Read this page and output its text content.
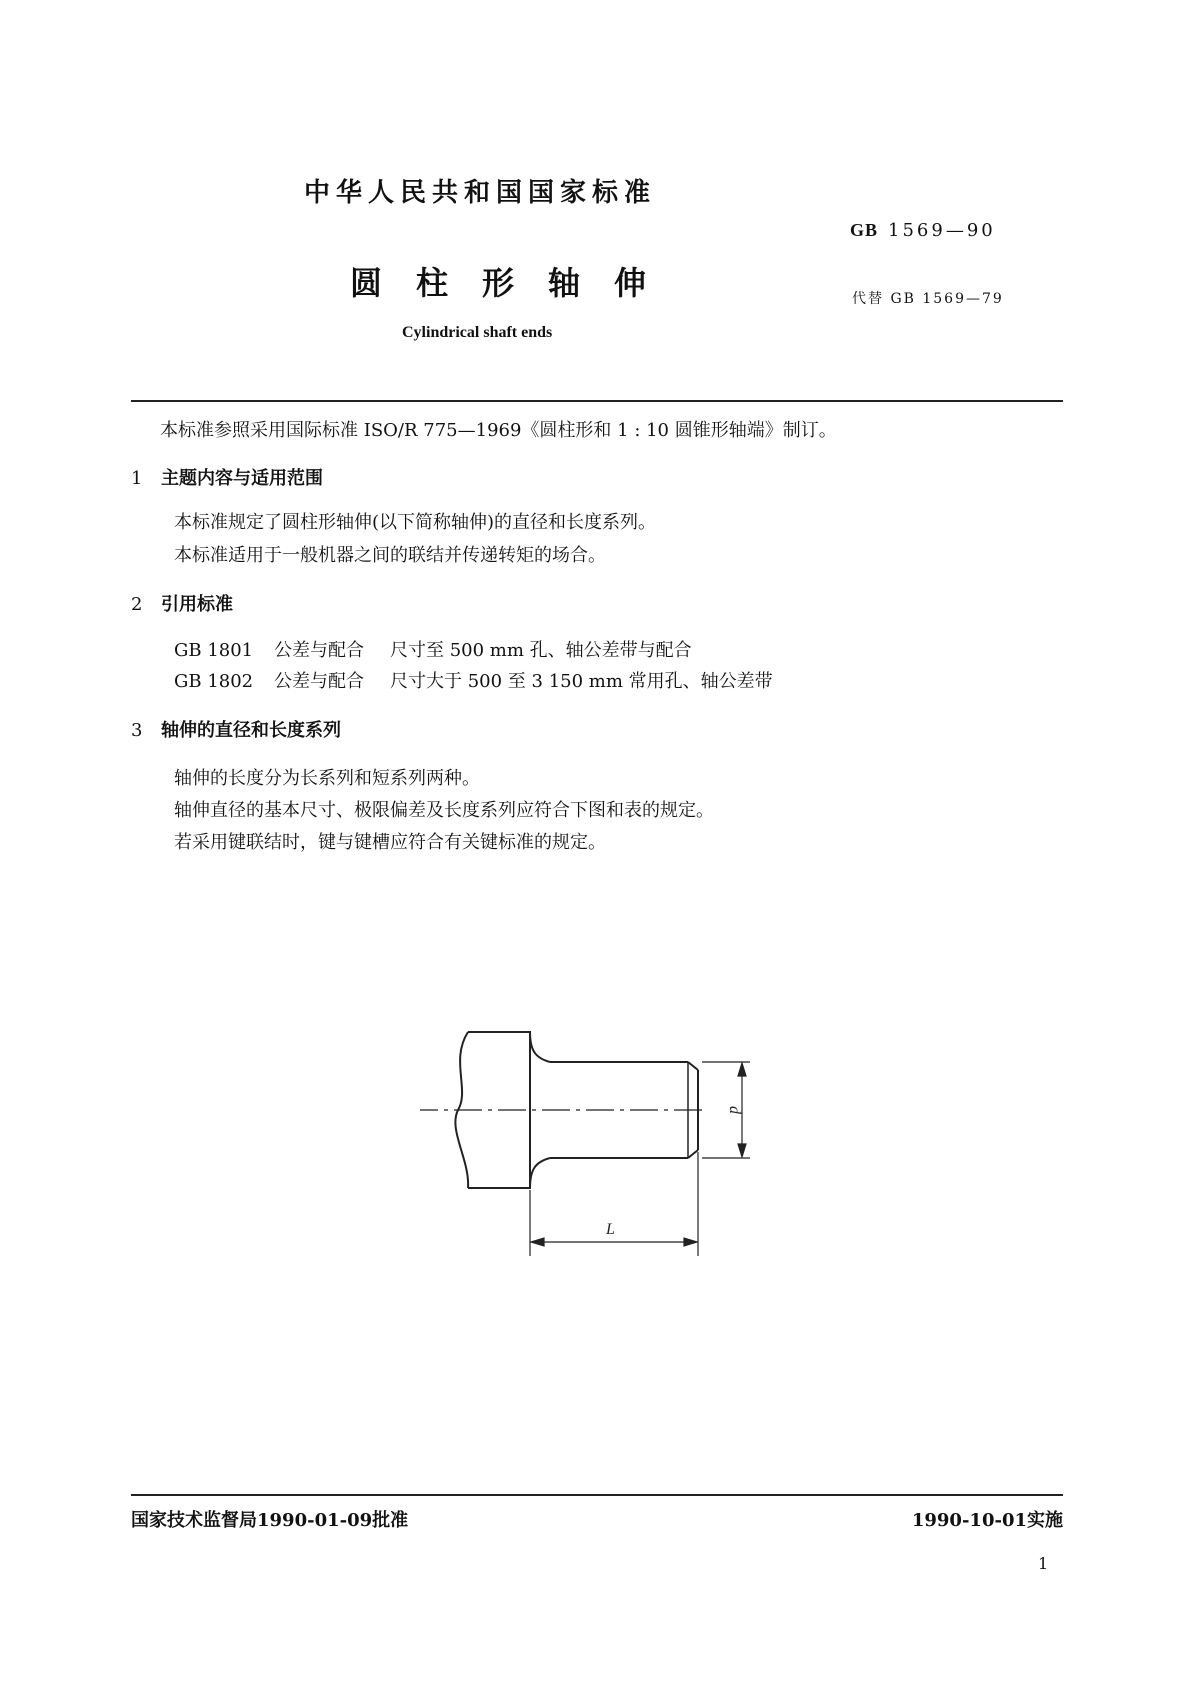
中华人民共和国国家标准
GB 1569—90
圆柱形轴伸	代替 GB 1569—79
Cylindrical shaft ends
本标准参照采用国际标准 ISO/R 775—1969《圆柱形和 1 : 10 圆锥形轴端》制订。
1 主题内容与适用范围
本标准规定了圆柱形轴伸(以下简称轴伸)的直径和长度系列。
本标准适用于一般机器之间的联结并传递转矩的场合。
2 引用标准
GB 1801 公差与配合 尺寸至 500 mm 孔、轴公差带与配合
GB 1802 公差与配合 尺寸大于 500 至 3 150 mm 常用孔、轴公差带
3 轴伸的直径和长度系列
轴伸的长度分为长系列和短系列两种。
轴伸直径的基本尺寸、极限偏差及长度系列应符合下图和表的规定。
若采用键联结时，键与键槽应符合有关键标准的规定。
d
L
国家技术监督局1990-01-09批准	1990-10-01实施
1
